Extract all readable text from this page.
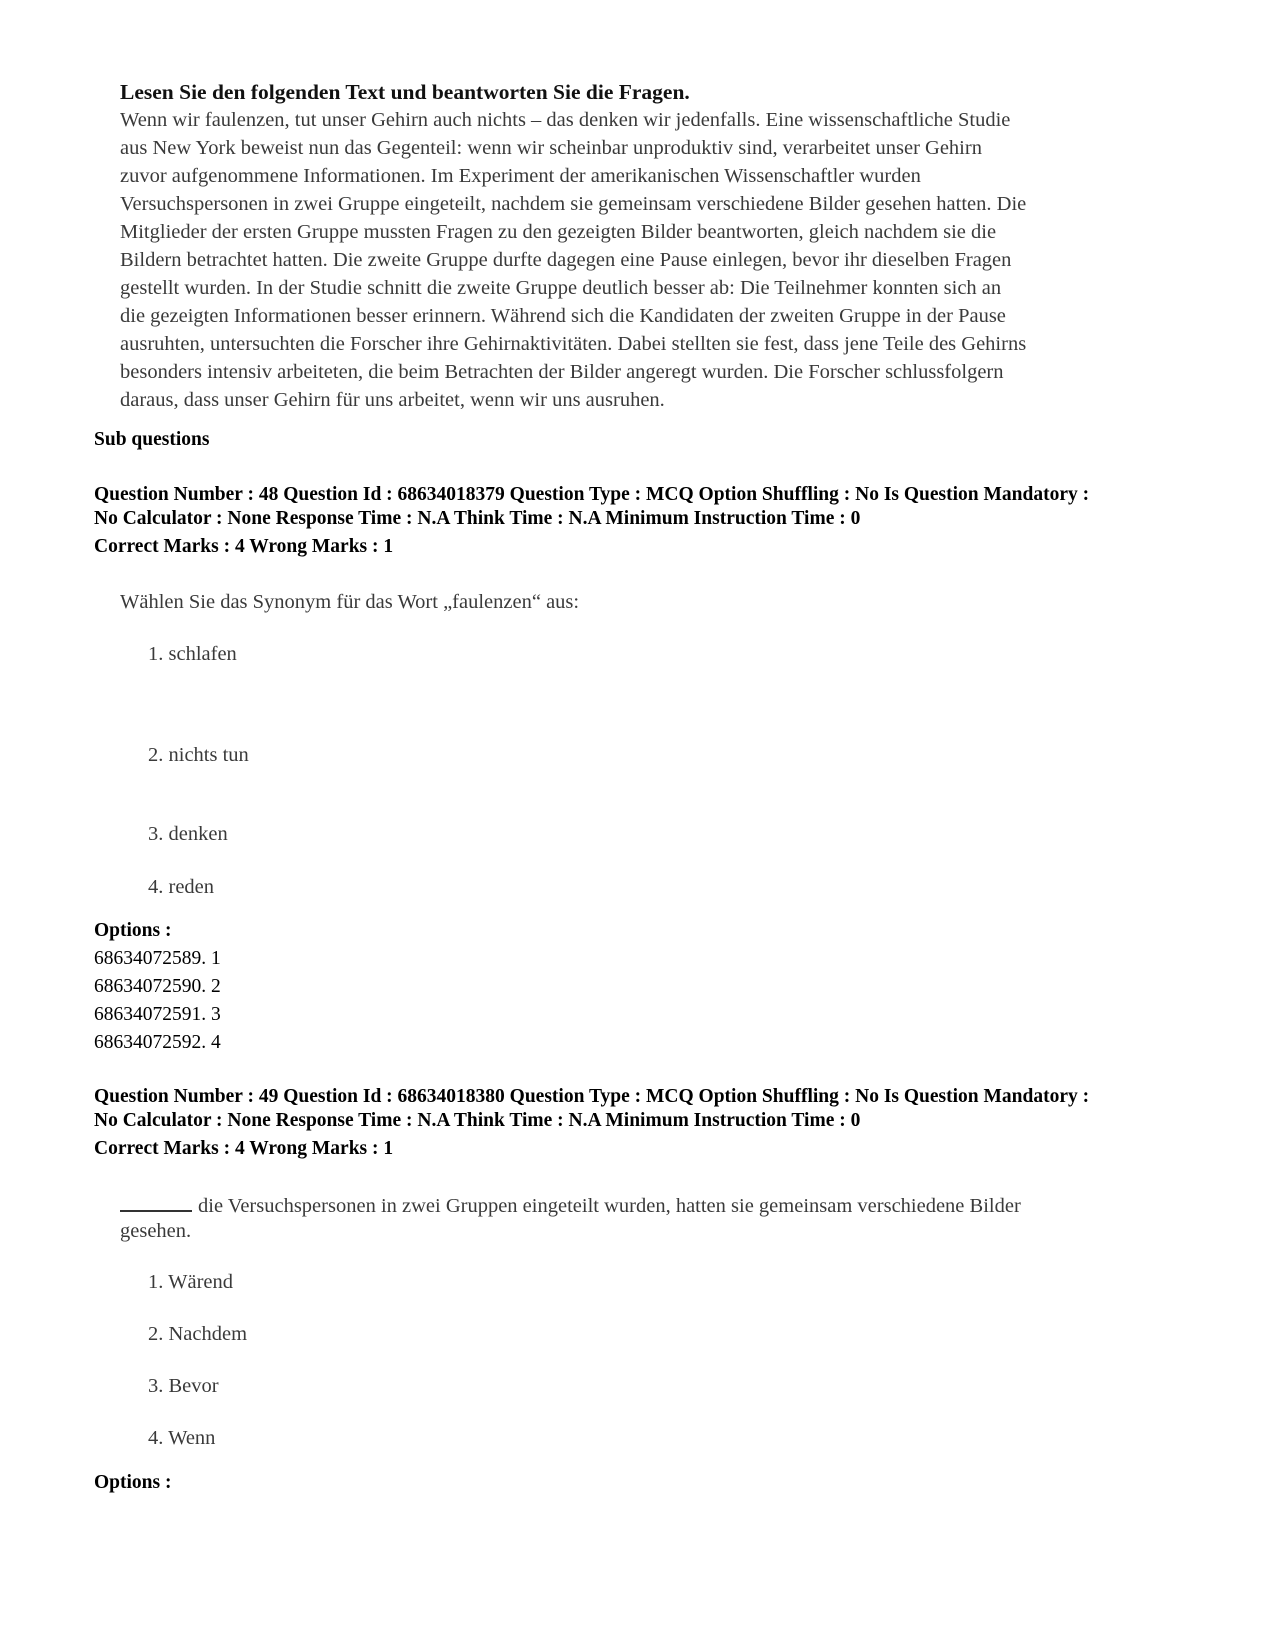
Lesen Sie den folgenden Text und beantworten Sie die Fragen.
Wenn wir faulenzen, tut unser Gehirn auch nichts – das denken wir jedenfalls. Eine wissenschaftliche Studie
aus New York beweist nun das Gegenteil: wenn wir scheinbar unproduktiv sind, verarbeitet unser Gehirn
zuvor aufgenommene Informationen. Im Experiment der amerikanischen Wissenschaftler wurden
Versuchspersonen in zwei Gruppe eingeteilt, nachdem sie gemeinsam verschiedene Bilder gesehen hatten. Die
Mitglieder der ersten Gruppe mussten Fragen zu den gezeigten Bilder beantworten, gleich nachdem sie die
Bildern betrachtet hatten. Die zweite Gruppe durfte dagegen eine Pause einlegen, bevor ihr dieselben Fragen
gestellt wurden. In der Studie schnitt die zweite Gruppe deutlich besser ab: Die Teilnehmer konnten sich an
die gezeigten Informationen besser erinnern. Während sich die Kandidaten der zweiten Gruppe in der Pause
ausruhten, untersuchten die Forscher ihre Gehirnaktivitäten. Dabei stellten sie fest, dass jene Teile des Gehirns
besonders intensiv arbeiteten, die beim Betrachten der Bilder angeregt wurden. Die Forscher schlussfolgern
daraus, dass unser Gehirn für uns arbeitet, wenn wir uns ausruhen.
Sub questions
Question Number : 48 Question Id : 68634018379 Question Type : MCQ Option Shuffling : No Is Question Mandatory :
No Calculator : None Response Time : N.A Think Time : N.A Minimum Instruction Time : 0
Correct Marks : 4 Wrong Marks : 1
Wählen Sie das Synonym für das Wort „faulenzen“ aus:
1. schlafen
2. nichts tun
3. denken
4. reden
Options :
68634072589. 1
68634072590. 2
68634072591. 3
68634072592. 4
Question Number : 49 Question Id : 68634018380 Question Type : MCQ Option Shuffling : No Is Question Mandatory :
No Calculator : None Response Time : N.A Think Time : N.A Minimum Instruction Time : 0
Correct Marks : 4 Wrong Marks : 1
die Versuchspersonen in zwei Gruppen eingeteilt wurden, hatten sie gemeinsam verschiedene Bilder
gesehen.
1. Wärend
2. Nachdem
3. Bevor
4. Wenn
Options :
